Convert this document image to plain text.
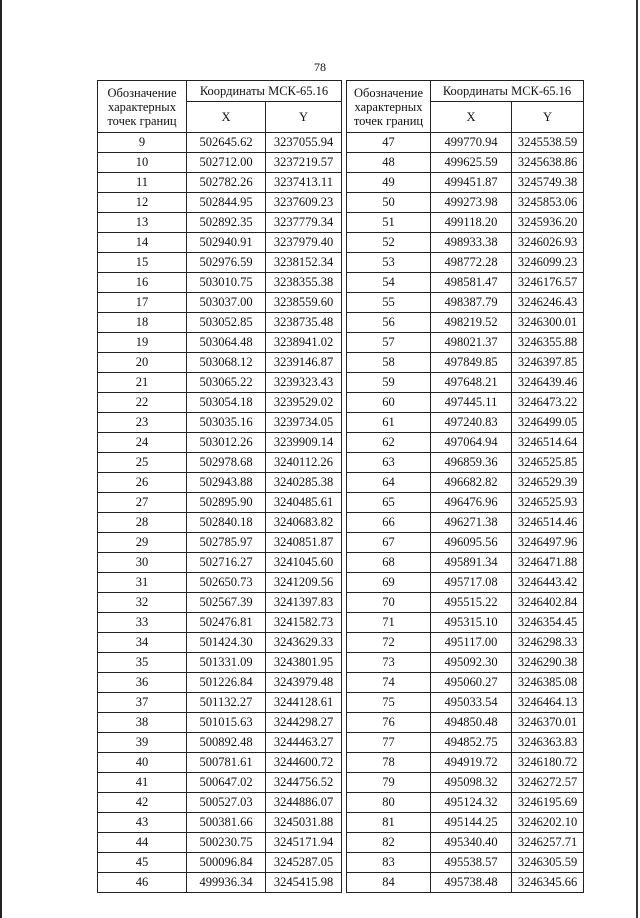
78
Обозначение характерных точек границ	Координаты МСК-65.16	
	X	Y
9	502645.62	3237055.94
10	502712.00	3237219.57
11	502782.26	3237413.11
12	502844.95	3237609.23
13	502892.35	3237779.34
14	502940.91	3237979.40
15	502976.59	3238152.34
16	503010.75	3238355.38
17	503037.00	3238559.60
18	503052.85	3238735.48
19	503064.48	3238941.02
20	503068.12	3239146.87
21	503065.22	3239323.43
22	503054.18	3239529.02
23	503035.16	3239734.05
24	503012.26	3239909.14
25	502978.68	3240112.26
26	502943.88	3240285.38
27	502895.90	3240485.61
28	502840.18	3240683.82
29	502785.97	3240851.87
30	502716.27	3241045.60
31	502650.73	3241209.56
32	502567.39	3241397.83
33	502476.81	3241582.73
34	501424.30	3243629.33
35	501331.09	3243801.95
36	501226.84	3243979.48
37	501132.27	3244128.61
38	501015.63	3244298.27
39	500892.48	3244463.27
40	500781.61	3244600.72
41	500647.02	3244756.52
42	500527.03	3244886.07
43	500381.66	3245031.88
44	500230.75	3245171.94
45	500096.84	3245287.05
46	499936.34	3245415.98
Обозначение характерных точек границ	Координаты МСК-65.16	
	X	Y
47	499770.94	3245538.59
48	499625.59	3245638.86
49	499451.87	3245749.38
50	499273.98	3245853.06
51	499118.20	3245936.20
52	498933.38	3246026.93
53	498772.28	3246099.23
54	498581.47	3246176.57
55	498387.79	3246246.43
56	498219.52	3246300.01
57	498021.37	3246355.88
58	497849.85	3246397.85
59	497648.21	3246439.46
60	497445.11	3246473.22
61	497240.83	3246499.05
62	497064.94	3246514.64
63	496859.36	3246525.85
64	496682.82	3246529.39
65	496476.96	3246525.93
66	496271.38	3246514.46
67	496095.56	3246497.96
68	495891.34	3246471.88
69	495717.08	3246443.42
70	495515.22	3246402.84
71	495315.10	3246354.45
72	495117.00	3246298.33
73	495092.30	3246290.38
74	495060.27	3246385.08
75	495033.54	3246464.13
76	494850.48	3246370.01
77	494852.75	3246363.83
78	494919.72	3246180.72
79	495098.32	3246272.57
80	495124.32	3246195.69
81	495144.25	3246202.10
82	495340.40	3246257.71
83	495538.57	3246305.59
84	495738.48	3246345.66
